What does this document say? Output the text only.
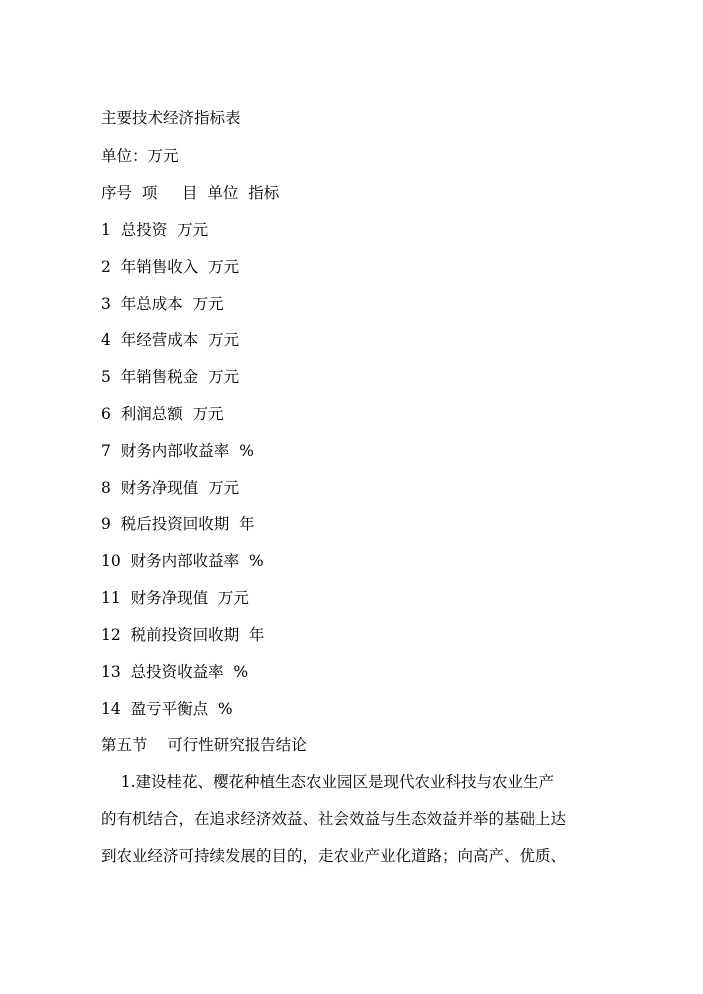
主要技术经济指标表
单位：万元
序号  项     目  单位  指标
1  总投资  万元
2  年销售收入  万元
3  年总成本  万元
4  年经营成本  万元
5  年销售税金  万元
6  利润总额  万元
7  财务内部收益率  %
8  财务净现值  万元
9  税后投资回收期  年
10  财务内部收益率  %
11  财务净现值  万元
12  税前投资回收期  年
13  总投资收益率  %
14  盈亏平衡点  %
第五节    可行性研究报告结论
1.建设桂花、樱花种植生态农业园区是现代农业科技与农业生产
的有机结合，在追求经济效益、社会效益与生态效益并举的基础上达
到农业经济可持续发展的目的，走农业产业化道路；向高产、优质、
